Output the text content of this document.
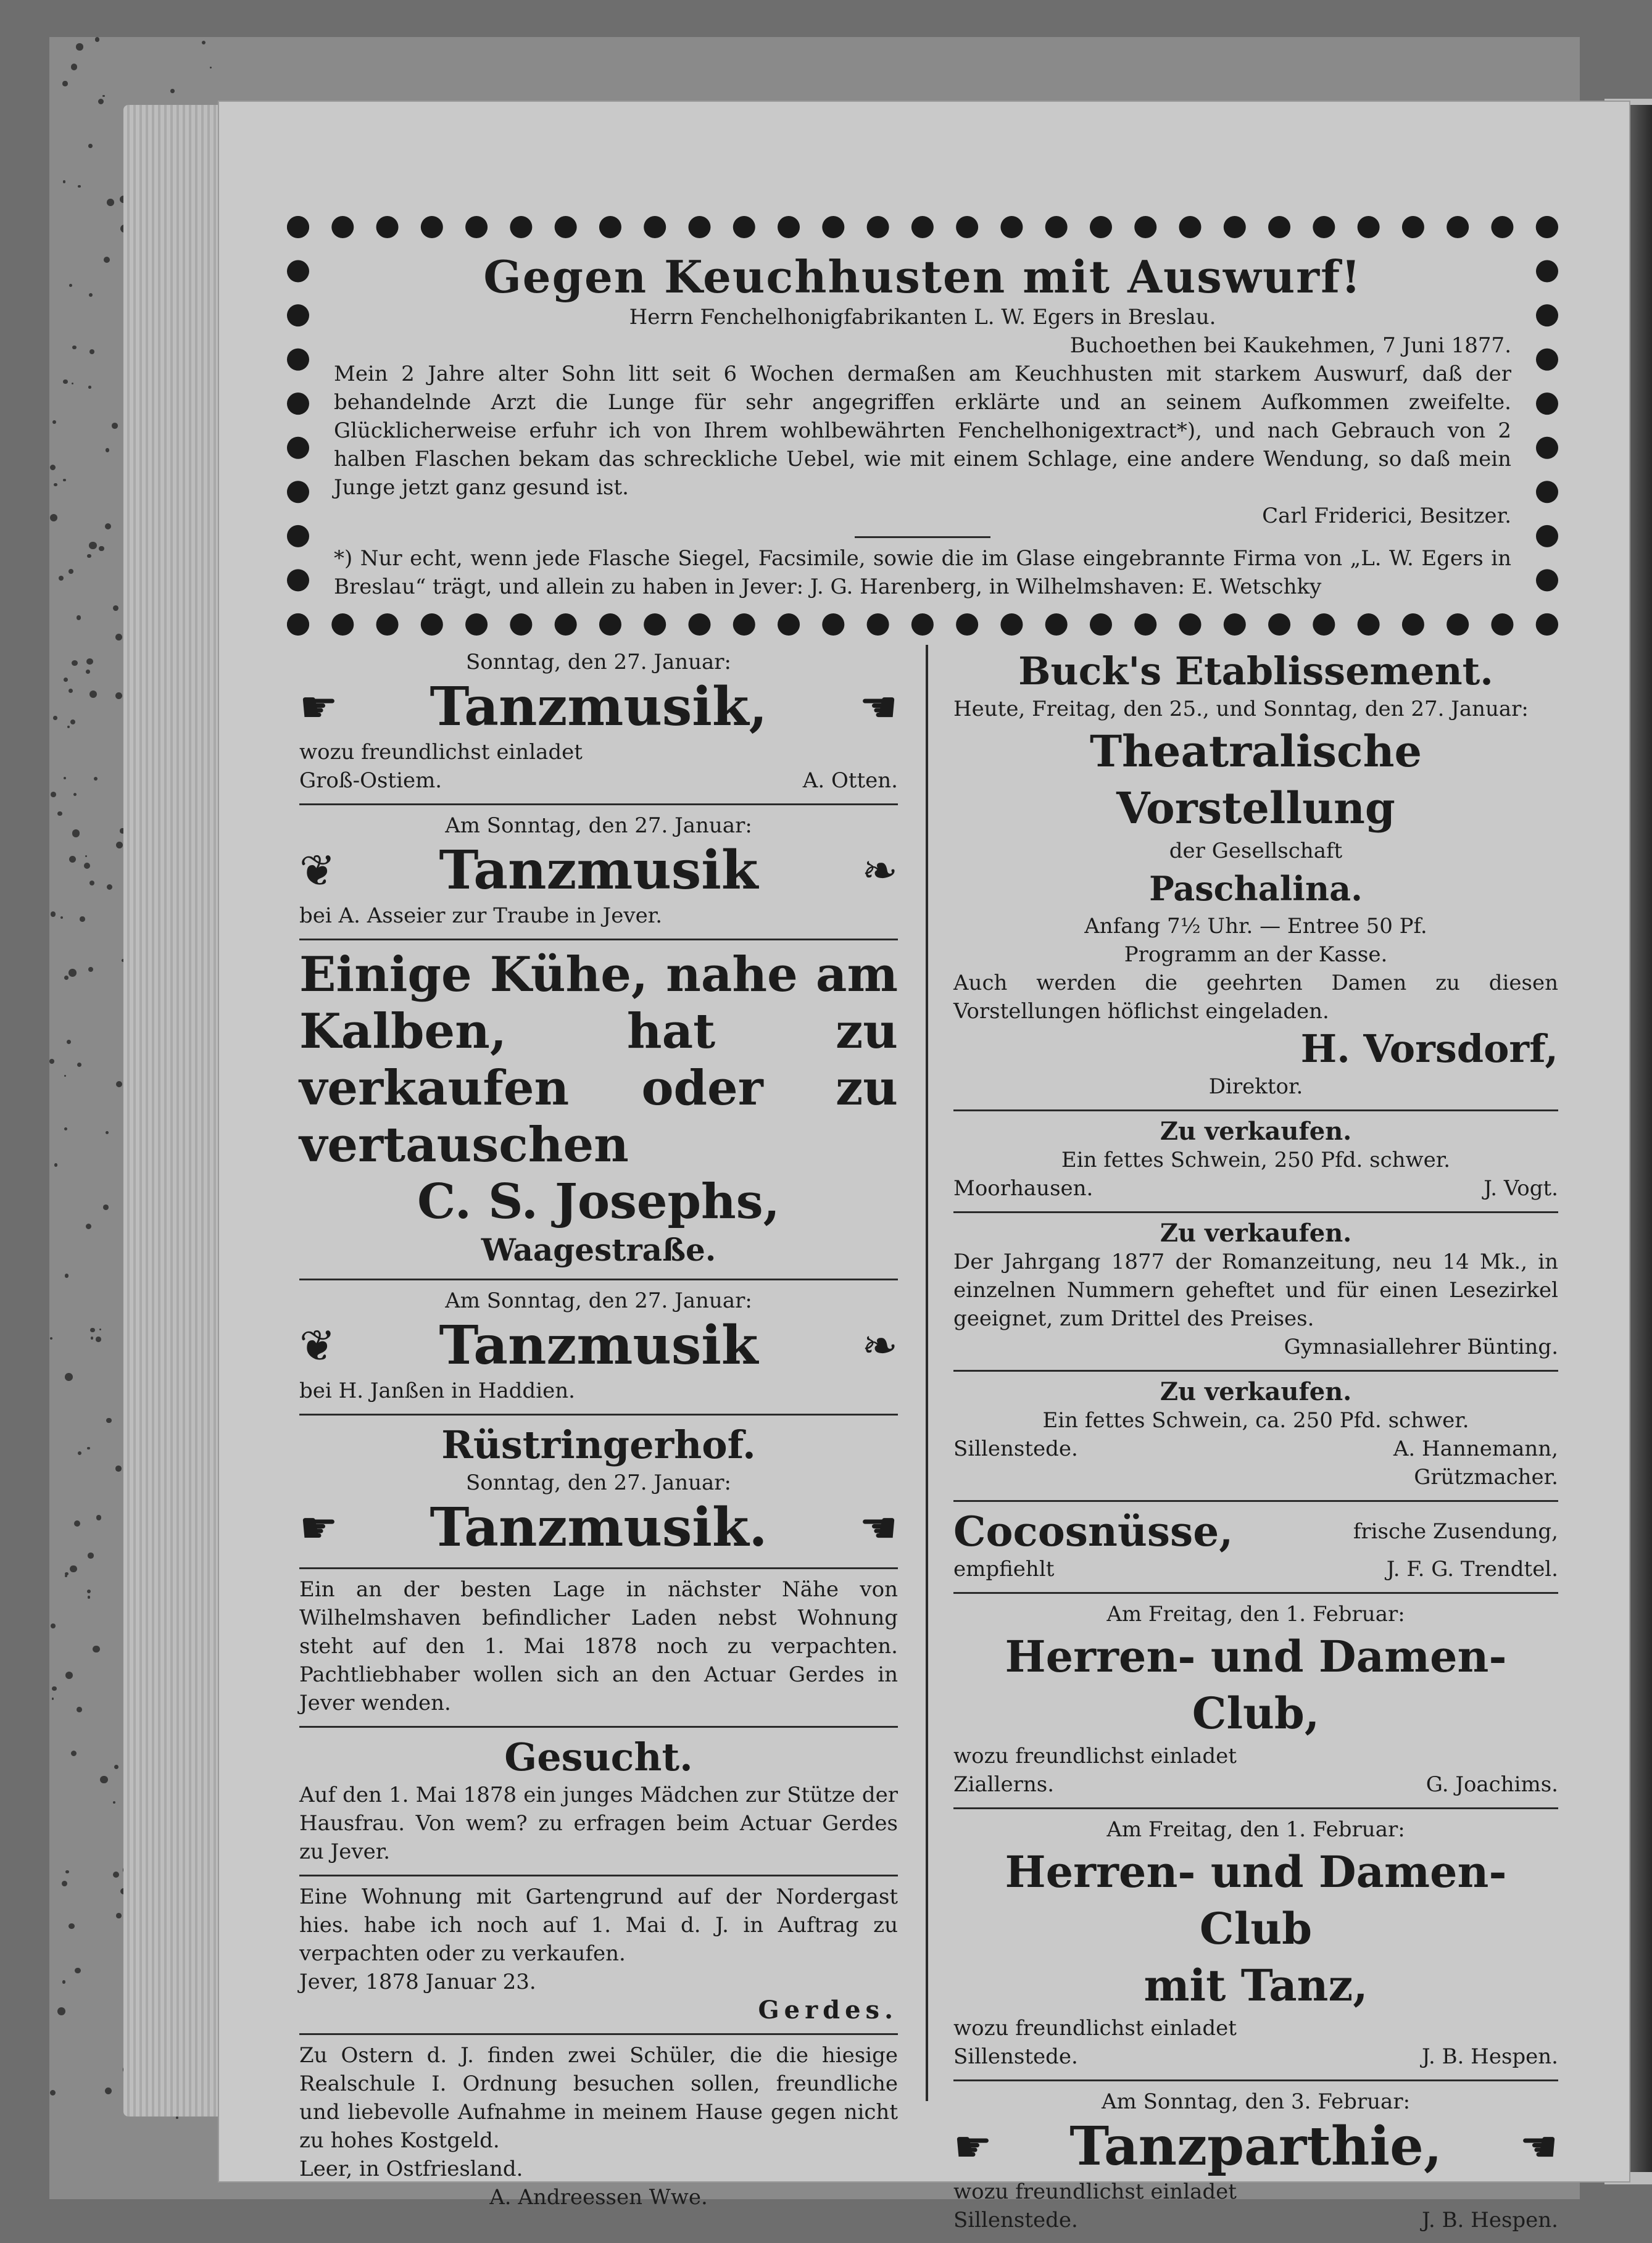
Gegen Keuchhusten mit Auswurf!

Herrn Fenchelhonigfabrikanten L. W. Egers in Breslau.

Buchoethen bei Kaukehmen, 7 Juni 1877.

Mein 2 Jahre alter Sohn litt seit 6 Wochen dermaßen am Keuchhusten mit starkem Auswurf, daß der behandelnde Arzt die Lunge für sehr angegriffen erklärte und an seinem Aufkommen zweifelte. Glücklicherweise erfuhr ich von Ihrem wohlbewährten Fenchelhonigextract*), und nach Gebrauch von 2 halben Flaschen bekam das schreckliche Uebel, wie mit einem Schlage, eine andere Wendung, so daß mein Junge jetzt ganz gesund ist.

Carl Friderici, Besitzer.

*) Nur echt, wenn jede Flasche Siegel, Facsimile, sowie die im Glase eingebrannte Firma von „L. W. Egers in Breslau“ trägt, und allein zu haben in Jever: J. G. Harenberg, in Wilhelmshaven: E. Wetschky

Sonntag, den 27. Januar:

☛ Tanzmusik, ☚

wozu freundlichst einladet

Groß-Ostiem.	A. Otten.

Am Sonntag, den 27. Januar:

❦ Tanzmusik ❧

bei A. Asseier zur Traube in Jever.

Einige Kühe, nahe am Kalben, hat zu verkaufen oder zu vertauschen

C. S. Josephs,

Waagestraße.

Am Sonntag, den 27. Januar:

❦ Tanzmusik ❧

bei H. Janßen in Haddien.

Rüstringerhof.

Sonntag, den 27. Januar:

☛ Tanzmusik. ☚

Ein an der besten Lage in nächster Nähe von Wilhelmshaven befindlicher Laden nebst Wohnung steht auf den 1. Mai 1878 noch zu verpachten. Pachtliebhaber wollen sich an den Actuar Gerdes in Jever wenden.

Gesucht.

Auf den 1. Mai 1878 ein junges Mädchen zur Stütze der Hausfrau. Von wem? zu erfragen beim Actuar Gerdes zu Jever.

Eine Wohnung mit Gartengrund auf der Nordergast hies. habe ich noch auf 1. Mai d. J. in Auftrag zu verpachten oder zu verkaufen.

Jever, 1878 Januar 23.

Gerdes.

Zu Ostern d. J. finden zwei Schüler, die die hiesige Realschule I. Ordnung besuchen sollen, freundliche und liebevolle Aufnahme in meinem Hause gegen nicht zu hohes Kostgeld.

Leer, in Ostfriesland.

A. Andreessen Wwe.

Buck's Etablissement.

Heute, Freitag, den 25., und Sonntag, den 27. Januar:

Theatralische Vorstellung

der Gesellschaft

Paschalina.

Anfang 7½ Uhr. — Entree 50 Pf.

Programm an der Kasse.

Auch werden die geehrten Damen zu diesen Vorstellungen höflichst eingeladen.

H. Vorsdorf,

Direktor.

Zu verkaufen.

Ein fettes Schwein, 250 Pfd. schwer.

Moorhausen.	J. Vogt.

Zu verkaufen.

Der Jahrgang 1877 der Romanzeitung, neu 14 Mk., in einzelnen Nummern geheftet und für einen Lesezirkel geeignet, zum Drittel des Preises.

Gymnasiallehrer Bünting.

Zu verkaufen.

Ein fettes Schwein, ca. 250 Pfd. schwer.

Sillenstede.	A. Hannemann,

Grützmacher.

Cocosnüsse,	frische Zusendung,
empfiehlt	J. F. G. Trendtel.

Am Freitag, den 1. Februar:

Herren- und Damen-Club,

wozu freundlichst einladet

Ziallerns.	G. Joachims.

Am Freitag, den 1. Februar:

Herren- und Damen-Club

mit Tanz,

wozu freundlichst einladet

Sillenstede.	J. B. Hespen.

Am Sonntag, den 3. Februar:

☛ Tanzparthie, ☚

wozu freundlichst einladet

Sillenstede.	J. B. Hespen.
